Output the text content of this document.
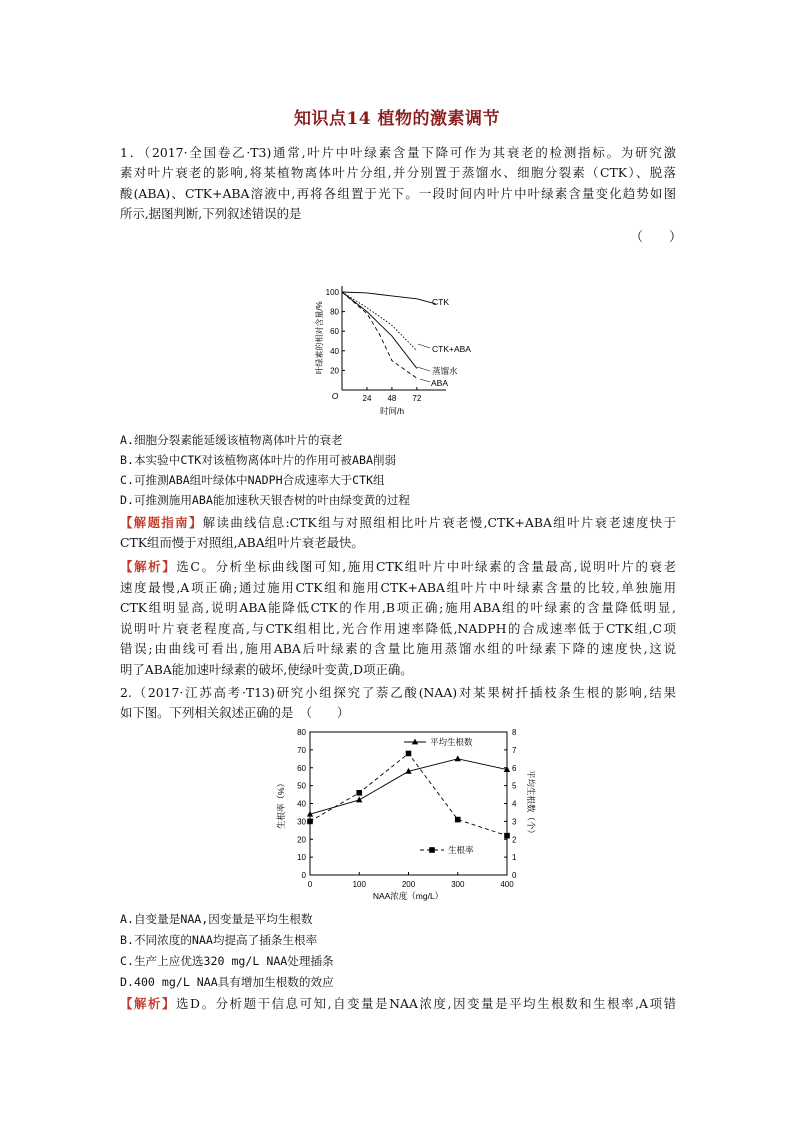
知识点14 植物的激素调节
1．（2017·全国卷乙·T3)通常,叶片中叶绿素含量下降可作为其衰老的检测指标。为研究激
素对叶片衰老的影响,将某植物离体叶片分组,并分别置于蒸馏水、细胞分裂素（CTK）、脱落
酸(ABA)、CTK+ABA溶液中,再将各组置于光下。一段时间内叶片中叶绿素含量变化趋势如图
所示,据图判断,下列叙述错误的是
（　　）
叶绿素的相对含量/%
时间/h
O
20
40
60
80
100
24 48 72
CTK
CTK+ABA
蒸馏水
ABA
A.细胞分裂素能延缓该植物离体叶片的衰老
B.本实验中CTK对该植物离体叶片的作用可被ABA削弱
C.可推测ABA组叶绿体中NADPH合成速率大于CTK组
D.可推测施用ABA能加速秋天银杏树的叶由绿变黄的过程
【解题指南】解读曲线信息:CTK组与对照组相比叶片衰老慢,CTK+ABA组叶片衰老速度快于
CTK组而慢于对照组,ABA组叶片衰老最快。
【解析】选C。分析坐标曲线图可知,施用CTK组叶片中叶绿素的含量最高,说明叶片的衰老
速度最慢,A项正确;通过施用CTK组和施用CTK+ABA组叶片中叶绿素含量的比较,单独施用
CTK组明显高,说明ABA能降低CTK的作用,B项正确;施用ABA组的叶绿素的含量降低明显,
说明叶片衰老程度高,与CTK组相比,光合作用速率降低,NADPH的合成速率低于CTK组,C项
错误;由曲线可看出,施用ABA后叶绿素的含量比施用蒸馏水组的叶绿素下降的速度快,这说
明了ABA能加速叶绿素的破坏,使绿叶变黄,D项正确。
2.（2017·江苏高考·T13)研究小组探究了萘乙酸(NAA)对某果树扦插枝条生根的影响,结果
如下图。下列相关叙述正确的是　（　　）
生根率（%）	平均生根数（个）
NAA浓度（mg/L）
0
10
20
30
40
50
60
70
80
0
1
2
3
4
5
6
7
8
0	100	200	300	400
平均生根数
生根率
A.自变量是NAA,因变量是平均生根数
B.不同浓度的NAA均提高了插条生根率
C.生产上应优选320 mg/L NAA处理插条
D.400 mg/L NAA具有增加生根数的效应
【解析】选D。分析题干信息可知,自变量是NAA浓度,因变量是平均生根数和生根率,A项错
